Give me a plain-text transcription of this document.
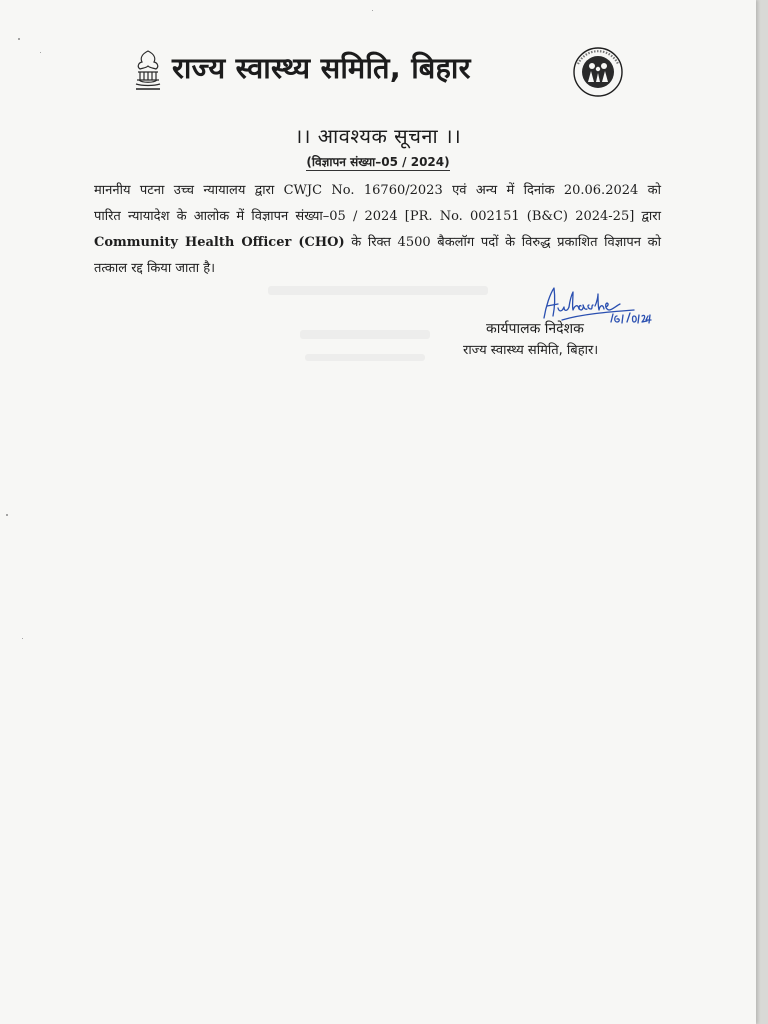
राज्य स्वास्थ्य समिति, बिहार
।। आवश्यक सूचना ।।
(विज्ञापन संख्या–05 / 2024)
माननीय पटना उच्च न्यायालय द्वारा CWJC No. 16760/2023 एवं अन्य में दिनांक 20.06.2024 को
पारित न्यायादेश के आलोक में विज्ञापन संख्या–05 / 2024 [PR. No. 002151 (B&C) 2024-25] द्वारा
Community Health Officer (CHO) के रिक्त 4500 बैकलॉग पदों के विरुद्ध प्रकाशित विज्ञापन को
तत्काल रद्द किया जाता है।
कार्यपालक निदेशक
राज्य स्वास्थ्य समिति, बिहार।
